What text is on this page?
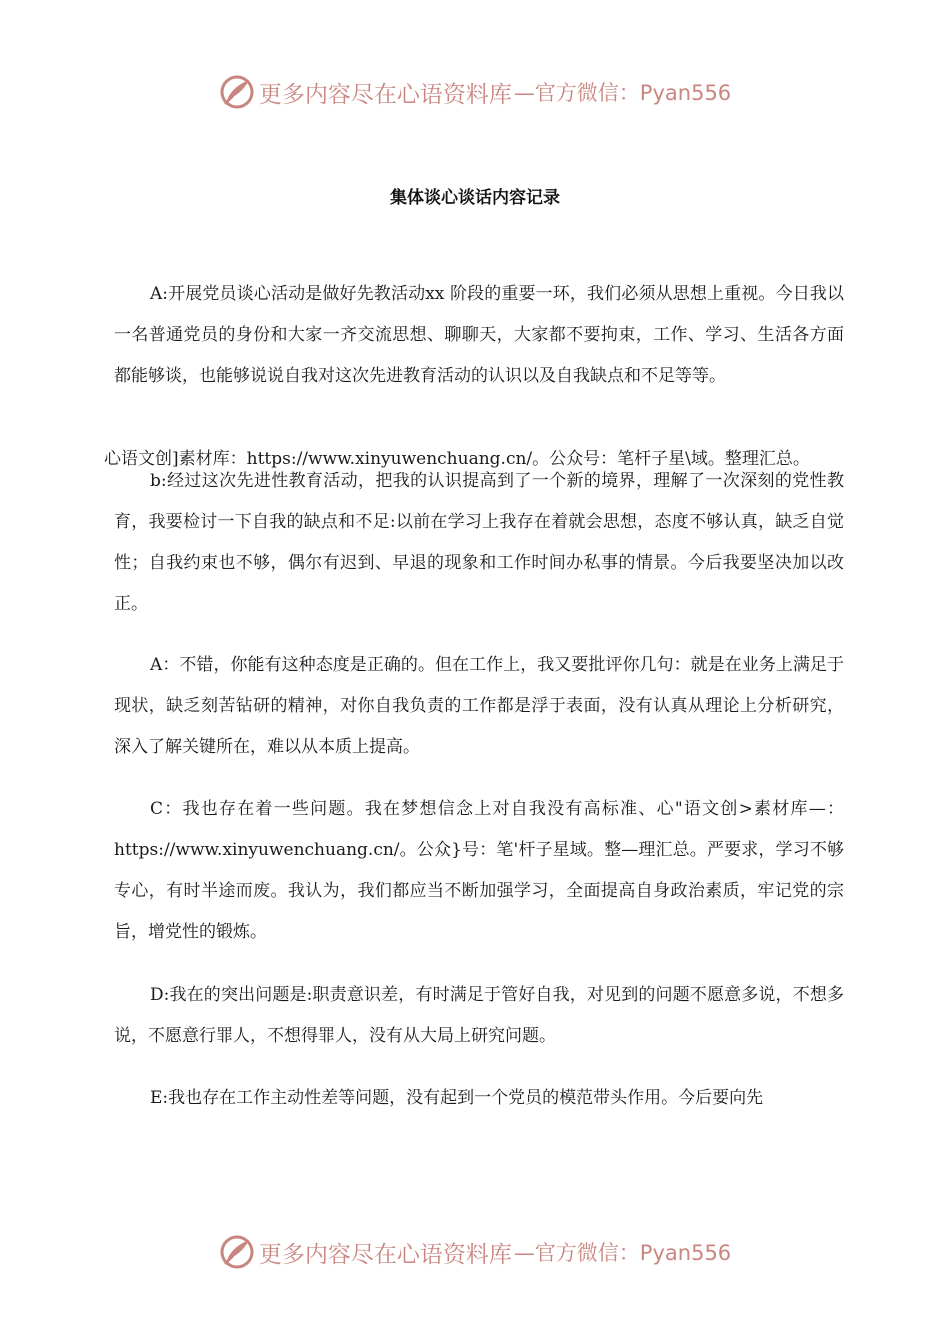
更多内容尽在心语资料库 —官方微信：Pyan556
集体谈心谈话内容记录
A:开展党员谈心活动是做好先教活动xx 阶段的重要一环，我们必须从思想上重视。今日我以一名普通党员的身份和大家一齐交流思想、聊聊天，大家都不要拘束，工作、学习、生活各方面都能够谈，也能够说说自我对这次先进教育活动的认识以及自我缺点和不足等等。
心语文创]素材库：https://www.xinyuwenchuang.cn/。公众号：笔杆子星\域。整理汇总。
b:经过这次先进性教育活动，把我的认识提高到了一个新的境界，理解了一次深刻的党性教育，我要检讨一下自我的缺点和不足:以前在学习上我存在着就会思想，态度不够认真，缺乏自觉性；自我约束也不够，偶尔有迟到、早退的现象和工作时间办私事的情景。今后我要坚决加以改正。
A：不错，你能有这种态度是正确的。但在工作上，我又要批评你几句：就是在业务上满足于现状，缺乏刻苦钻研的精神，对你自我负责的工作都是浮于表面，没有认真从理论上分析研究，深入了解关键所在，难以从本质上提高。
C：我也存在着一些问题。我在梦想信念上对自我没有高标准、心"语文创>素材库—：https://www.xinyuwenchuang.cn/。公众}号：笔'杆子星域。整—理汇总。严要求，学习不够专心，有时半途而废。我认为，我们都应当不断加强学习，全面提高自身政治素质，牢记党的宗旨，增党性的锻炼。
D:我在的突出问题是:职责意识差，有时满足于管好自我，对见到的问题不愿意多说，不想多说，不愿意行罪人，不想得罪人，没有从大局上研究问题。
E:我也存在工作主动性差等问题，没有起到一个党员的模范带头作用。今后要向先
更多内容尽在心语资料库 —官方微信：Pyan556
